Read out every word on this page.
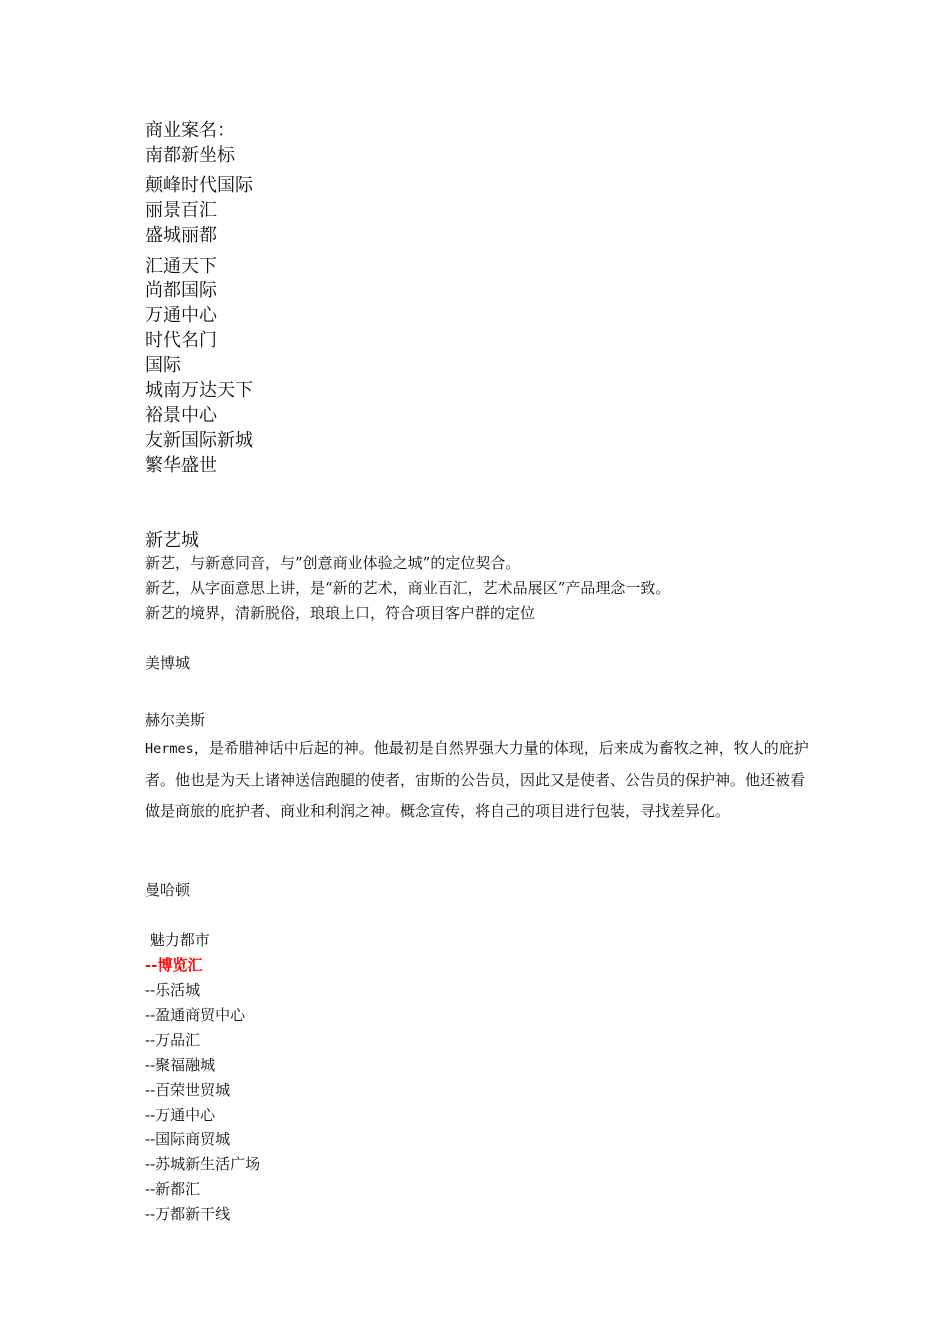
商业案名：
南都新坐标
颠峰时代国际
丽景百汇
盛城丽都
汇通天下
尚都国际
万通中心
时代名门
国际
城南万达天下
裕景中心
友新国际新城
繁华盛世
新艺城
新艺，与新意同音，与”创意商业体验之城”的定位契合。
新艺，从字面意思上讲，是“新的艺术，商业百汇，艺术品展区”产品理念一致。
新艺的境界，清新脱俗，琅琅上口，符合项目客户群的定位
美博城
赫尔美斯
Hermes，是希腊神话中后起的神。他最初是自然界强大力量的体现，后来成为畜牧之神，牧人的庇护者。他也是为天上诸神送信跑腿的使者，宙斯的公告员，因此又是使者、公告员的保护神。他还被看做是商旅的庇护者、商业和利润之神。概念宣传，将自己的项目进行包装，寻找差异化。
曼哈顿
魅力都市
--博览汇
--乐活城
--盈通商贸中心
--万品汇
--聚福融城
--百荣世贸城
--万通中心
--国际商贸城
--苏城新生活广场
--新都汇
--万都新干线
